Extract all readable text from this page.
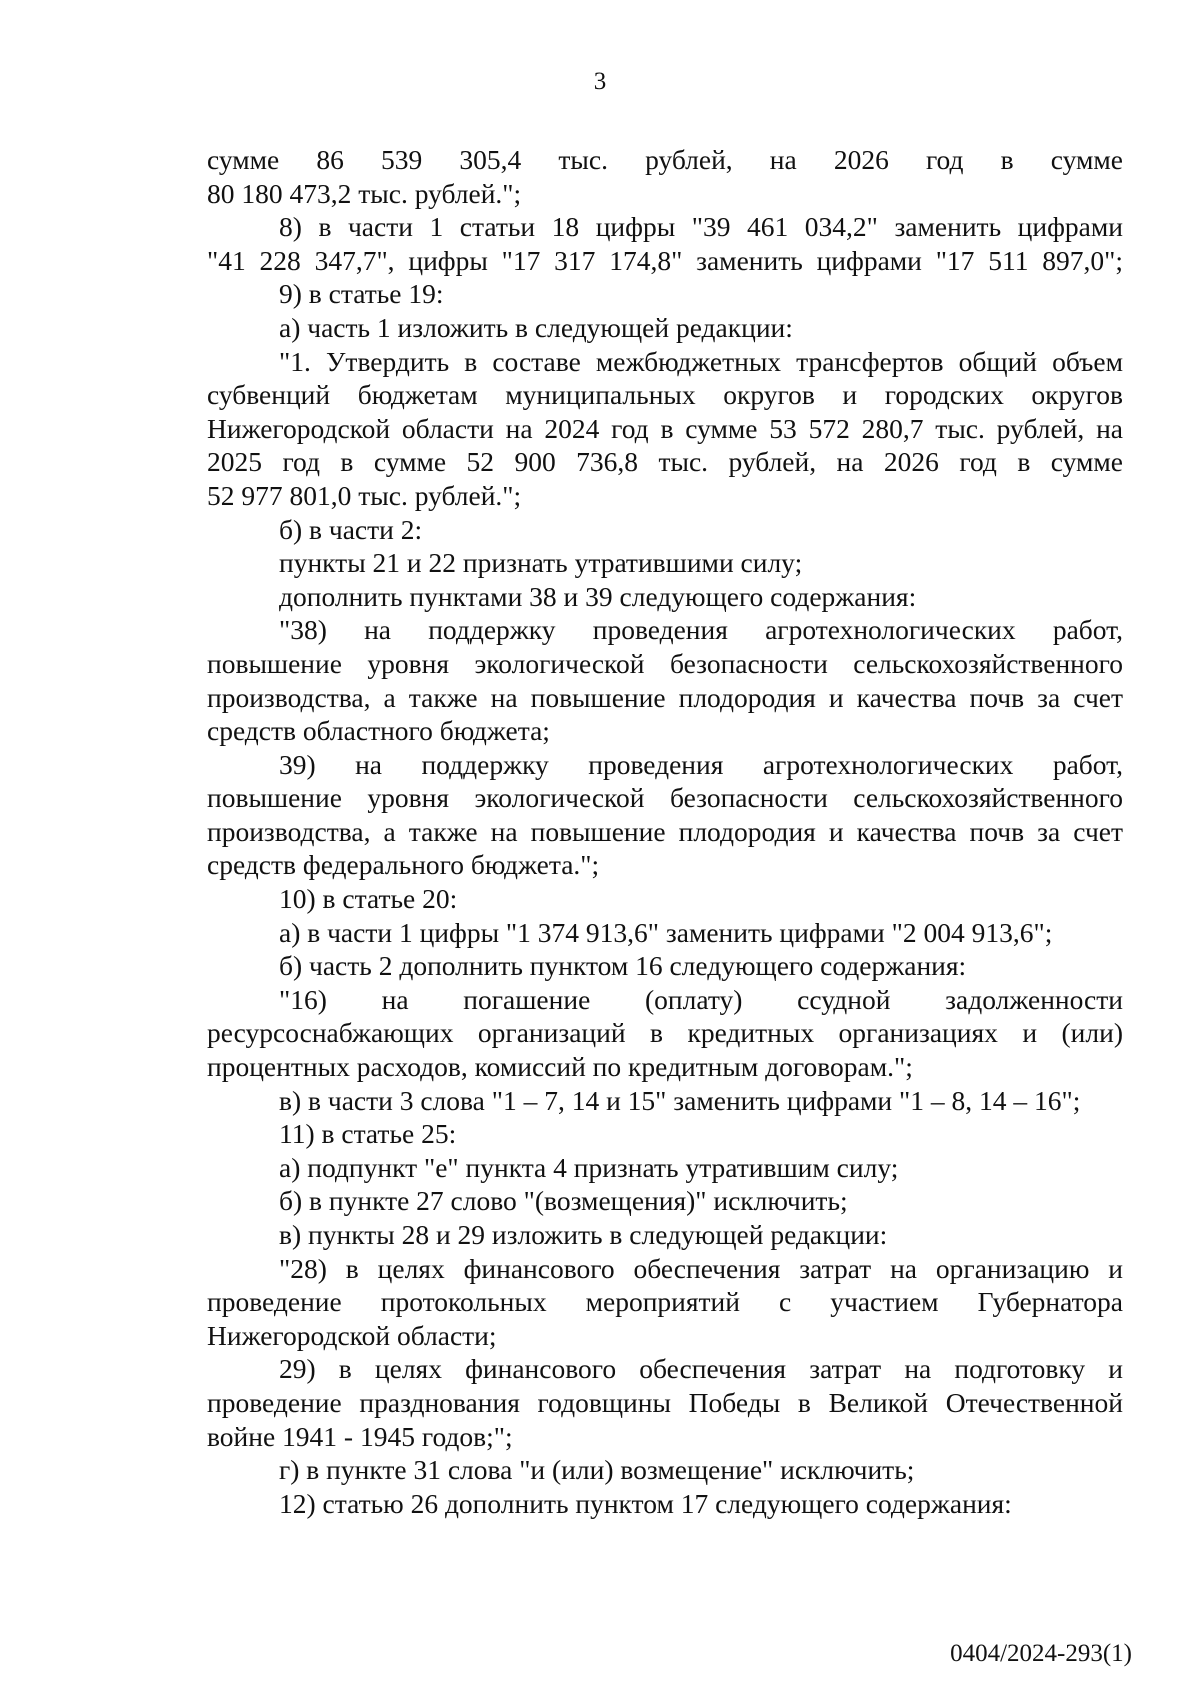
3
сумме 86 539 305,4 тыс. рублей, на 2026 год в сумме
80 180 473,2 тыс. рублей.";
8) в части 1 статьи 18 цифры "39 461 034,2" заменить цифрами
"41 228 347,7", цифры "17 317 174,8" заменить цифрами "17 511 897,0";
9) в статье 19:
а) часть 1 изложить в следующей редакции:
"1. Утвердить в составе межбюджетных трансфертов общий объем
субвенций бюджетам муниципальных округов и городских округов
Нижегородской области на 2024 год в сумме 53 572 280,7 тыс. рублей, на
2025 год в сумме 52 900 736,8 тыс. рублей, на 2026 год в сумме
52 977 801,0 тыс. рублей.";
б) в части 2:
пункты 21 и 22 признать утратившими силу;
дополнить пунктами 38 и 39 следующего содержания:
"38) на поддержку проведения агротехнологических работ,
повышение уровня экологической безопасности сельскохозяйственного
производства, а также на повышение плодородия и качества почв за счет
средств областного бюджета;
39) на поддержку проведения агротехнологических работ,
повышение уровня экологической безопасности сельскохозяйственного
производства, а также на повышение плодородия и качества почв за счет
средств федерального бюджета.";
10) в статье 20:
а) в части 1 цифры "1 374 913,6" заменить цифрами "2 004 913,6";
б) часть 2 дополнить пунктом 16 следующего содержания:
"16) на погашение (оплату) ссудной задолженности
ресурсоснабжающих организаций в кредитных организациях и (или)
процентных расходов, комиссий по кредитным договорам.";
в) в части 3 слова "1 – 7, 14 и 15" заменить цифрами "1 – 8, 14 – 16";
11) в статье 25:
а) подпункт "е" пункта 4 признать утратившим силу;
б) в пункте 27 слово "(возмещения)" исключить;
в) пункты 28 и 29 изложить в следующей редакции:
"28) в целях финансового обеспечения затрат на организацию и
проведение протокольных мероприятий с участием Губернатора
Нижегородской области;
29) в целях финансового обеспечения затрат на подготовку и
проведение празднования годовщины Победы в Великой Отечественной
войне 1941 - 1945 годов;";
г) в пункте 31 слова "и (или) возмещение" исключить;
12) статью 26 дополнить пунктом 17 следующего содержания:
0404/2024-293(1)
